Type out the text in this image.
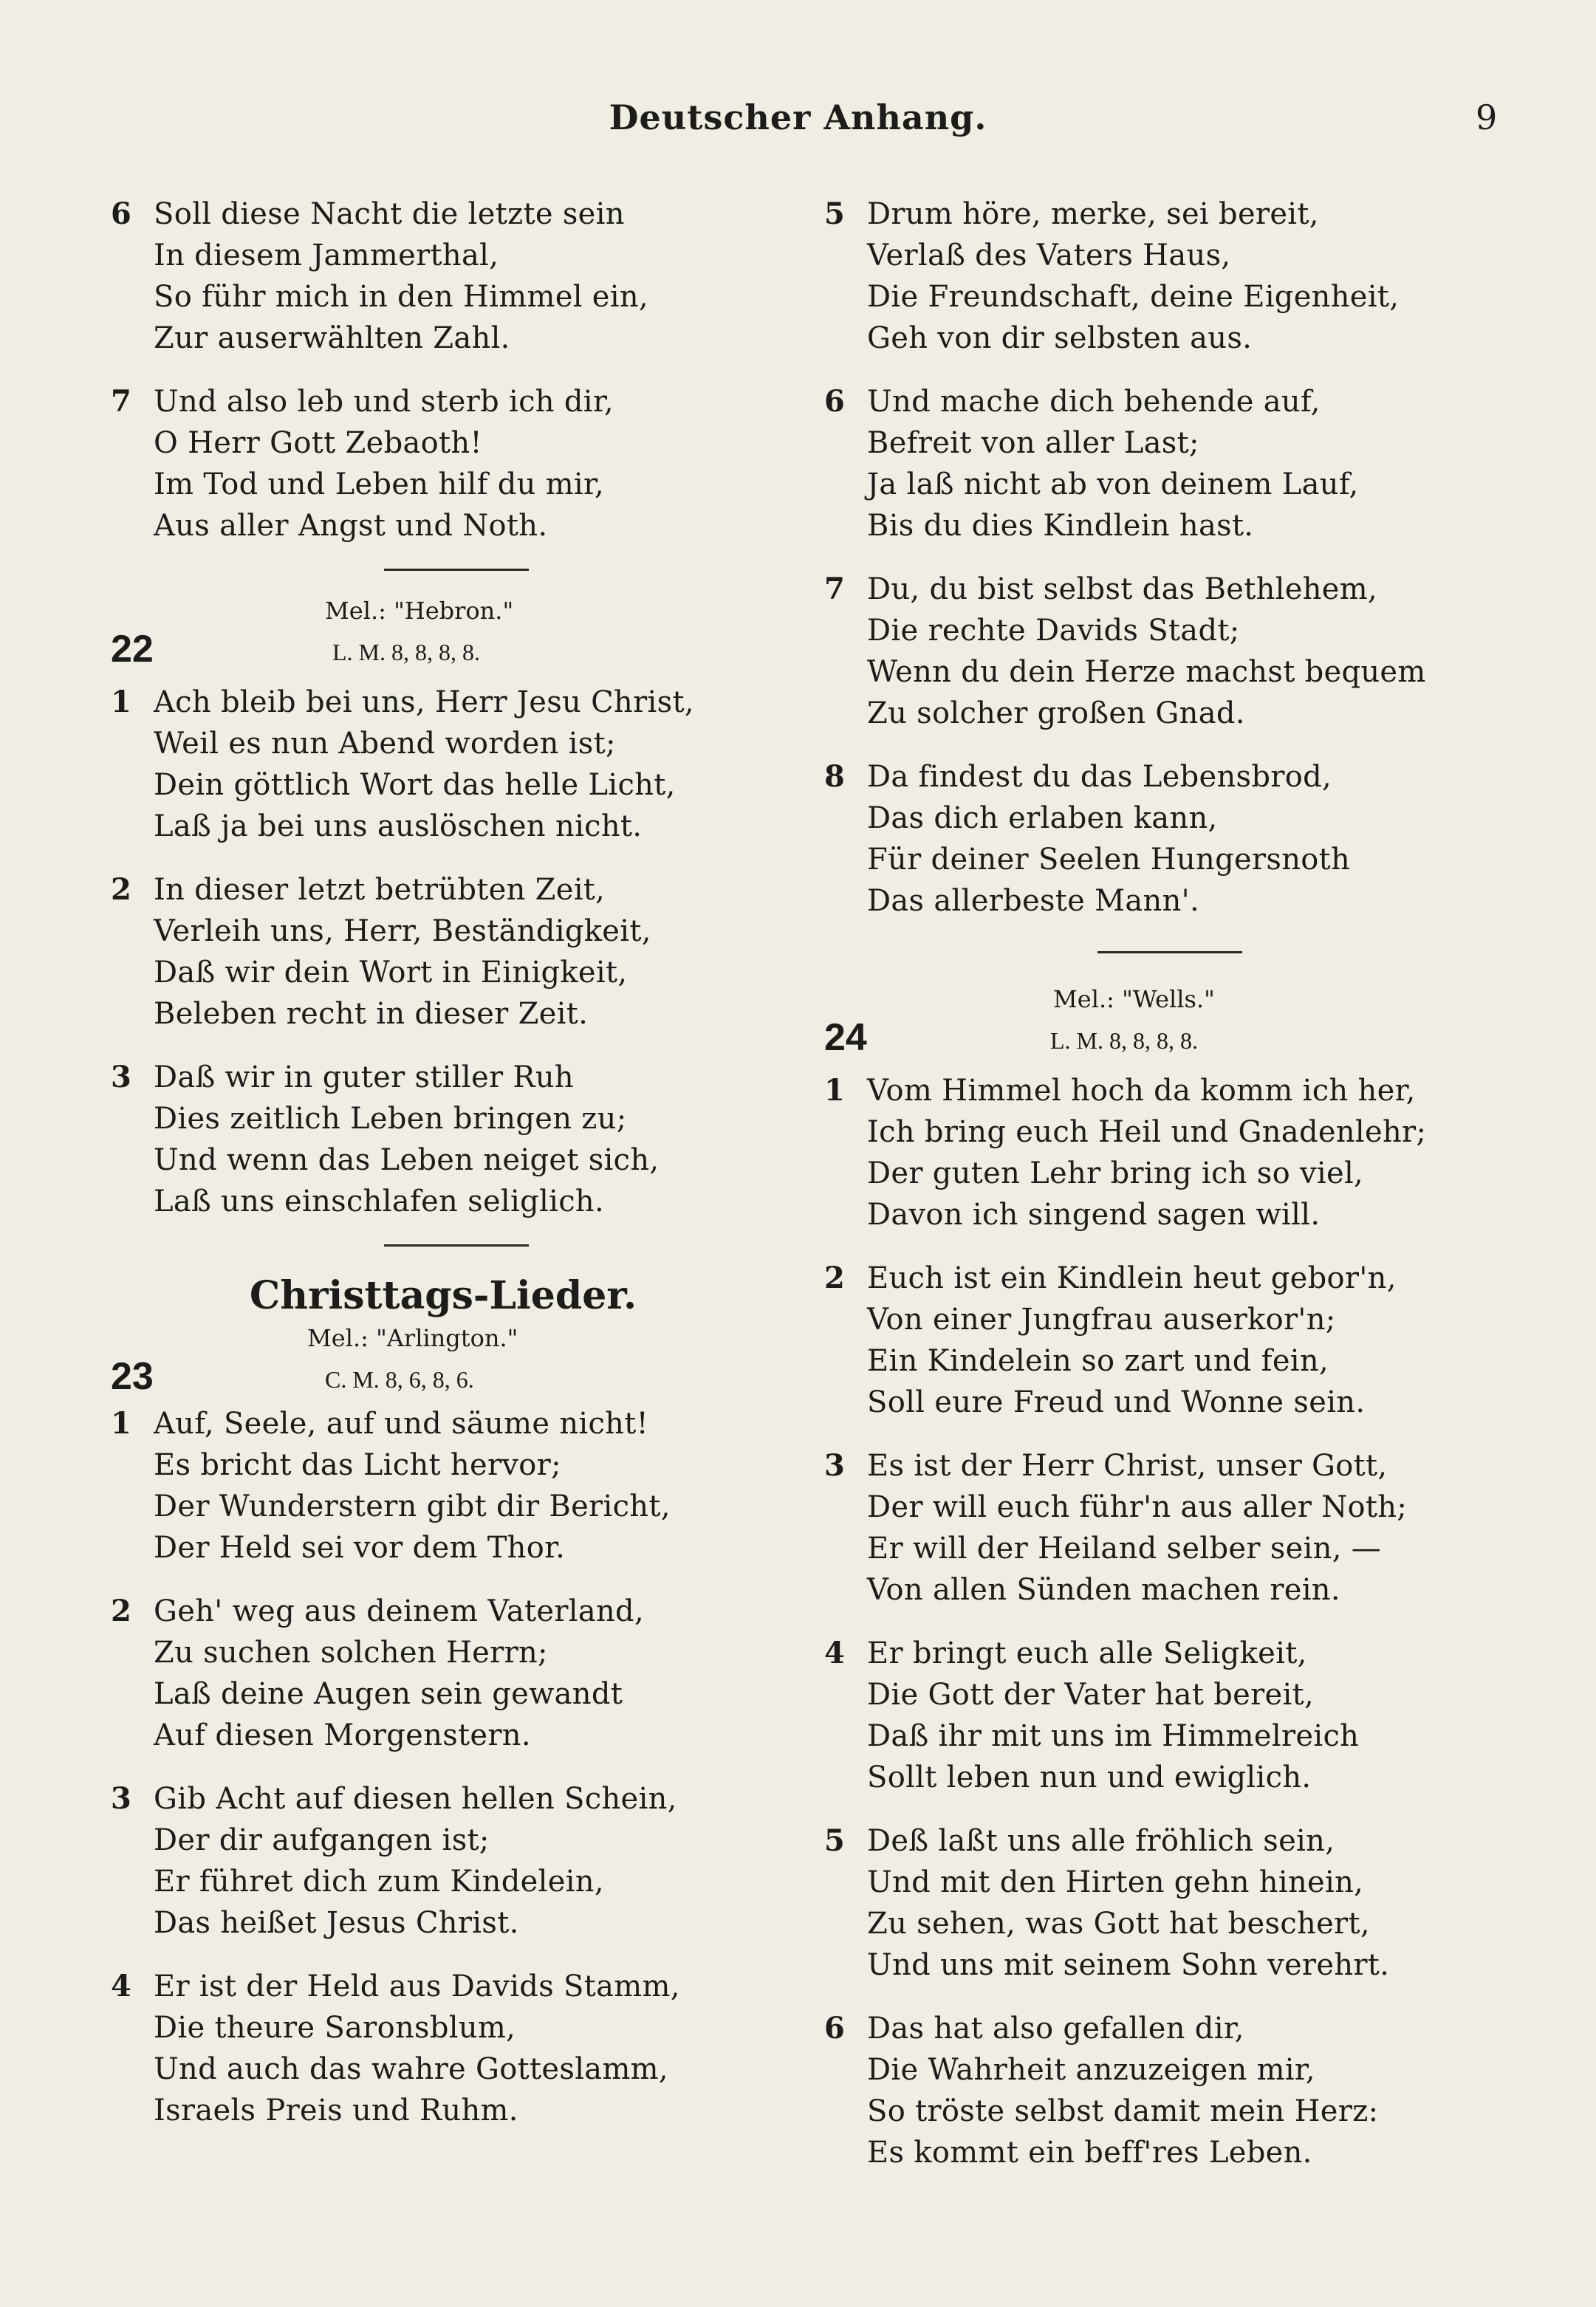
Deutscher Anhang.	9
6 Soll diese Nacht die letzte sein
In diesem Jammerthal,
So führ mich in den Himmel ein,
Zur auserwählten Zahl.
7 Und also leb und sterb ich dir,
O Herr Gott Zebaoth!
Im Tod und Leben hilf du mir,
Aus aller Angst und Noth.
Mel.: "Hebron."
22	L. M. 8, 8, 8, 8.
1 Ach bleib bei uns, Herr Jesu Christ,
Weil es nun Abend worden ist;
Dein göttlich Wort das helle Licht,
Laß ja bei uns auslöschen nicht.
2 In dieser letzt betrübten Zeit,
Verleih uns, Herr, Beständigkeit,
Daß wir dein Wort in Einigkeit,
Beleben recht in dieser Zeit.
3 Daß wir in guter stiller Ruh
Dies zeitlich Leben bringen zu;
Und wenn das Leben neiget sich,
Laß uns einschlafen seliglich.
Christtags-Lieder.
Mel.: "Arlington."
23	C. M. 8, 6, 8, 6.
1 Auf, Seele, auf und säume nicht!
Es bricht das Licht hervor;
Der Wunderstern gibt dir Bericht,
Der Held sei vor dem Thor.
2 Geh' weg aus deinem Vaterland,
Zu suchen solchen Herrn;
Laß deine Augen sein gewandt
Auf diesen Morgenstern.
3 Gib Acht auf diesen hellen Schein,
Der dir aufgangen ist;
Er führet dich zum Kindelein,
Das heißet Jesus Christ.
4 Er ist der Held aus Davids Stamm,
Die theure Saronsblum,
Und auch das wahre Gotteslamm,
Israels Preis und Ruhm.
5 Drum höre, merke, sei bereit,
Verlaß des Vaters Haus,
Die Freundschaft, deine Eigenheit,
Geh von dir selbsten aus.
6 Und mache dich behende auf,
Befreit von aller Last;
Ja laß nicht ab von deinem Lauf,
Bis du dies Kindlein hast.
7 Du, du bist selbst das Bethlehem,
Die rechte Davids Stadt;
Wenn du dein Herze machst bequem
Zu solcher großen Gnad.
8 Da findest du das Lebensbrod,
Das dich erlaben kann,
Für deiner Seelen Hungersnoth
Das allerbeste Mann'.
Mel.: "Wells."
24	L. M. 8, 8, 8, 8.
1 Vom Himmel hoch da komm ich her,
Ich bring euch Heil und Gnadenlehr;
Der guten Lehr bring ich so viel,
Davon ich singend sagen will.
2 Euch ist ein Kindlein heut gebor'n,
Von einer Jungfrau auserkor'n;
Ein Kindelein so zart und fein,
Soll eure Freud und Wonne sein.
3 Es ist der Herr Christ, unser Gott,
Der will euch führ'n aus aller Noth;
Er will der Heiland selber sein, —
Von allen Sünden machen rein.
4 Er bringt euch alle Seligkeit,
Die Gott der Vater hat bereit,
Daß ihr mit uns im Himmelreich
Sollt leben nun und ewiglich.
5 Deß laßt uns alle fröhlich sein,
Und mit den Hirten gehn hinein,
Zu sehen, was Gott hat beschert,
Und uns mit seinem Sohn verehrt.
6 Das hat also gefallen dir,
Die Wahrheit anzuzeigen mir,
So tröste selbst damit mein Herz:
Es kommt ein beff'res Leben.
